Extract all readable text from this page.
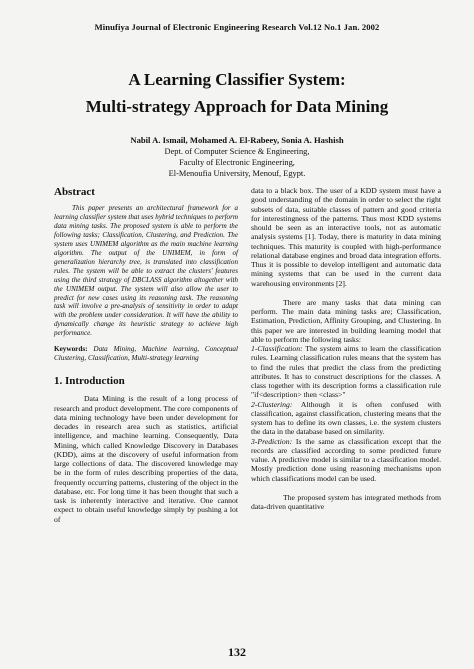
Minufiya Journal of Electronic Engineering Research Vol.12 No.1 Jan. 2002
A Learning Classifier System:
Multi-strategy Approach for Data Mining
Nabil A. Ismail, Mohamed A. El-Rabeey, Sonia A. Hashish
Dept. of Computer Science & Engineering,
Faculty of Electronic Engineering,
El-Menoufia University, Menouf, Egypt.
Abstract

This paper presents an architectural framework for a learning classifier system that uses hybrid techniques to perform data mining tasks. The proposed system is able to perform the following tasks; Classification, Clustering, and Prediction. The system uses UNIMEM algorithm as the main machine learning algorithm. The output of the UNIMEM, in form of generalization hierarchy tree, is translated into classification rules. The system will be able to extract the clusters' features using the third strategy of DBCLASS algorithm altogether with the UNIMEM output. The system will also allow the user to predict for new cases using its reasoning task. The reasoning task will involve a pre-analysis of sensitivity in order to adapt with the problem under consideration. It will have the ability to dynamically change its heuristic strategy to achieve high performance.

Keywords: Data Mining, Machine learning, Conceptual Clustering, Classification, Multi-strategy learning
1. Introduction

Data Mining is the result of a long process of research and product development. The core components of data mining technology have been under development for decades in research area such as statistics, artificial intelligence, and machine learning. Consequently, Data Mining, which called Knowledge Discovery in Databases (KDD), aims at the discovery of useful information from large collections of data. The discovered knowledge may be in the form of rules describing properties of the data, frequently occurring patterns, clustering of the object in the database, etc. For long time it has been thought that such a task is inherently interactive and iterative. One cannot expect to obtain useful knowledge simply by pushing a lot of

data to a black box. The user of a KDD system must have a good understanding of the domain in order to select the right subsets of data, suitable classes of pattern and good criteria for interestingness of the patterns. Thus most KDD systems should be seen as an interactive tools, not as automatic analysis systems [1]. Today, there is maturity in data mining techniques. This maturity is coupled with high-performance relational database engines and broad data integration efforts. Thus it is possible to develop intelligent and automatic data mining systems that can be used in the current data warehousing environments [2].

There are many tasks that data mining can perform. The main data mining tasks are; Classification, Estimation, Prediction, Affinity Grouping, and Clustering. In this paper we are interested in building learning model that able to perform the following tasks:

1-Classification: The system aims to learn the classification rules. Learning classification rules means that the system has to find the rules that predict the class from the predicting attributes. It has to construct descriptions for the classes. A class together with its description forms a classification rule "if<description> then <class>"

2-Clustering: Although it is often confused with classification, against classification, clustering means that the system has to define its own classes, i.e. the system clusters the data in the database based on similarity.

3-Prediction: Is the same as classification except that the records are classified according to some predicted future value. A predictive model is similar to a classification model. Mostly prediction done using reasoning mechanisms upon which classifications model can be used.

The proposed system has integrated methods from data-driven quantitative

132
